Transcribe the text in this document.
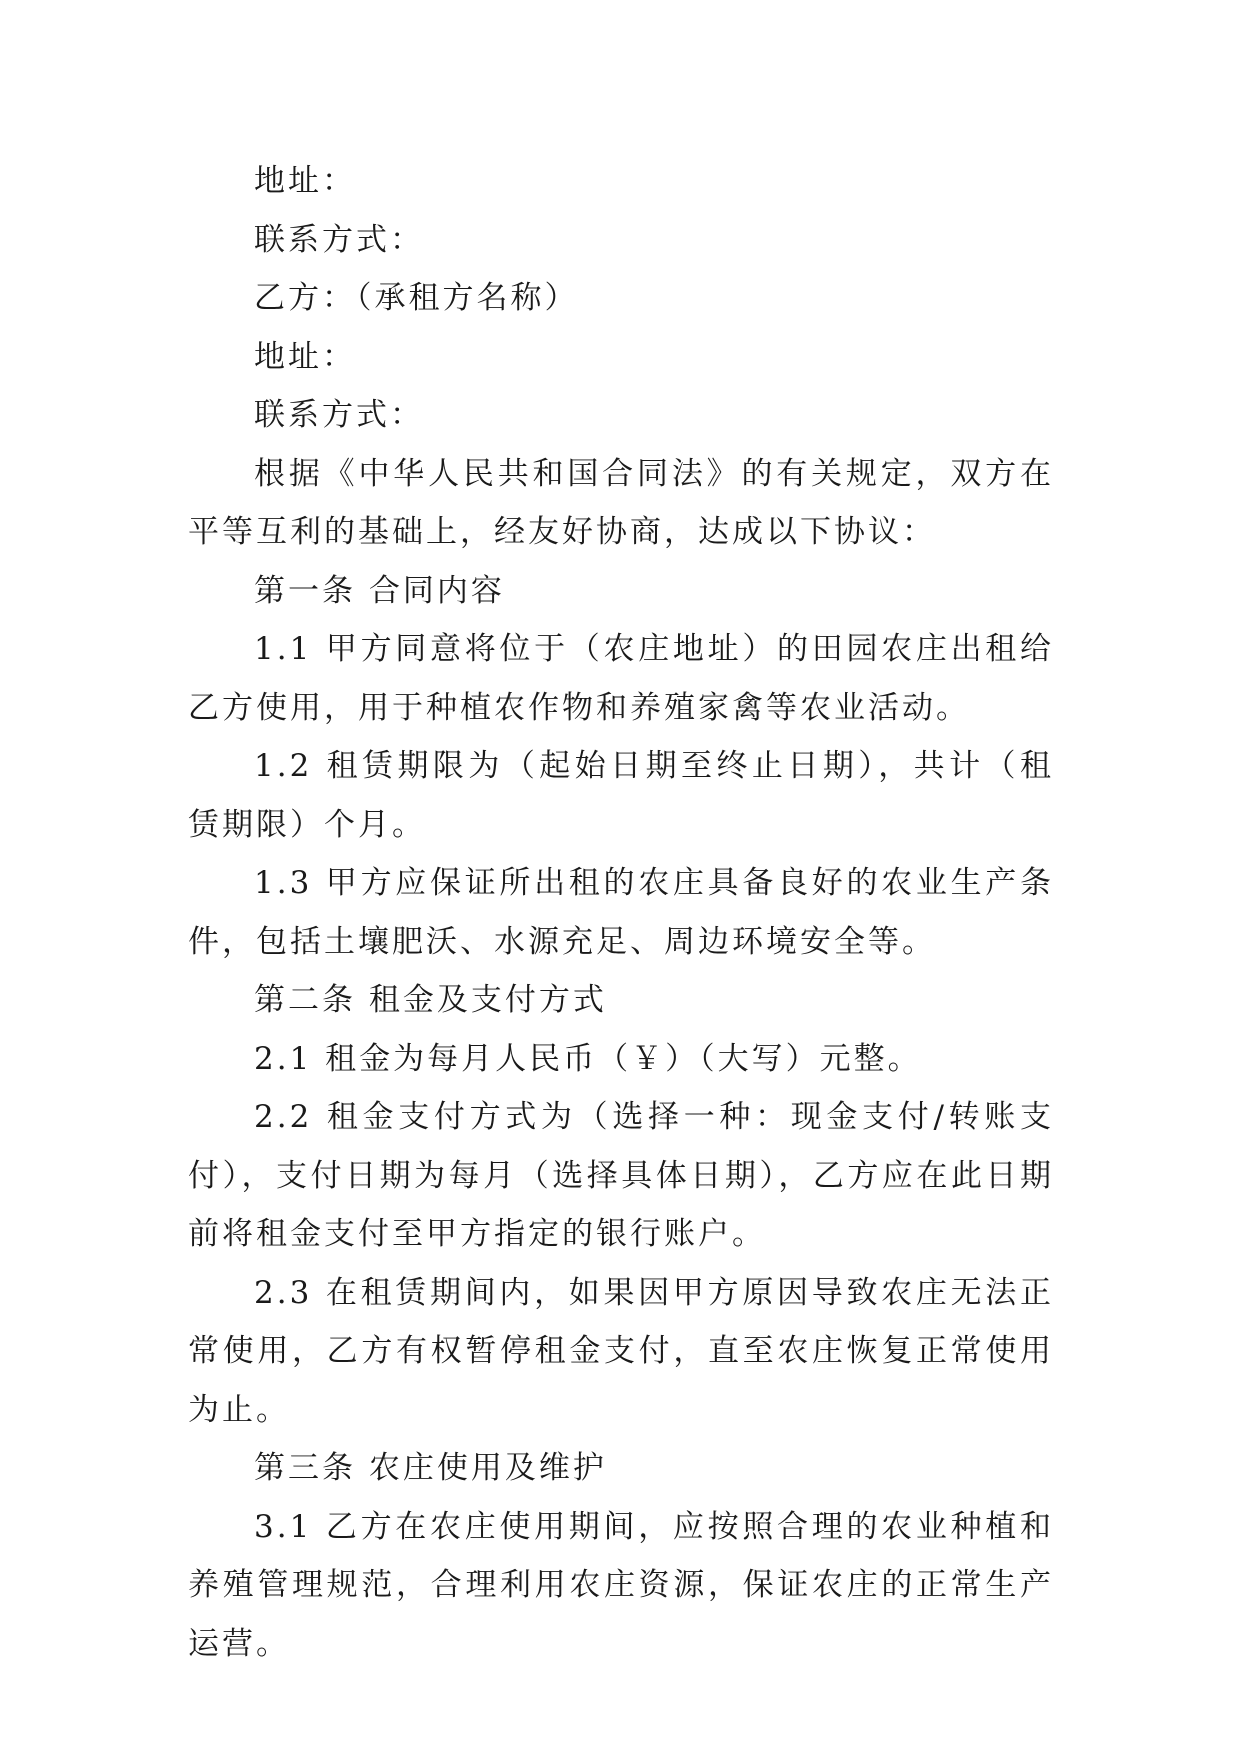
地址：

联系方式：

乙方：（承租方名称）

地址：

联系方式：

根据《中华人民共和国合同法》的有关规定，双方在平等互利的基础上，经友好协商，达成以下协议：

第一条 合同内容

1.1 甲方同意将位于（农庄地址）的田园农庄出租给乙方使用，用于种植农作物和养殖家禽等农业活动。

1.2 租赁期限为（起始日期至终止日期），共计（租赁期限）个月。

1.3 甲方应保证所出租的农庄具备良好的农业生产条件，包括土壤肥沃、水源充足、周边环境安全等。

第二条 租金及支付方式

2.1 租金为每月人民币（￥）（大写）元整。

2.2 租金支付方式为（选择一种：现金支付/转账支付），支付日期为每月（选择具体日期），乙方应在此日期前将租金支付至甲方指定的银行账户。

2.3 在租赁期间内，如果因甲方原因导致农庄无法正常使用，乙方有权暂停租金支付，直至农庄恢复正常使用为止。

第三条 农庄使用及维护

3.1 乙方在农庄使用期间，应按照合理的农业种植和养殖管理规范，合理利用农庄资源，保证农庄的正常生产运营。
